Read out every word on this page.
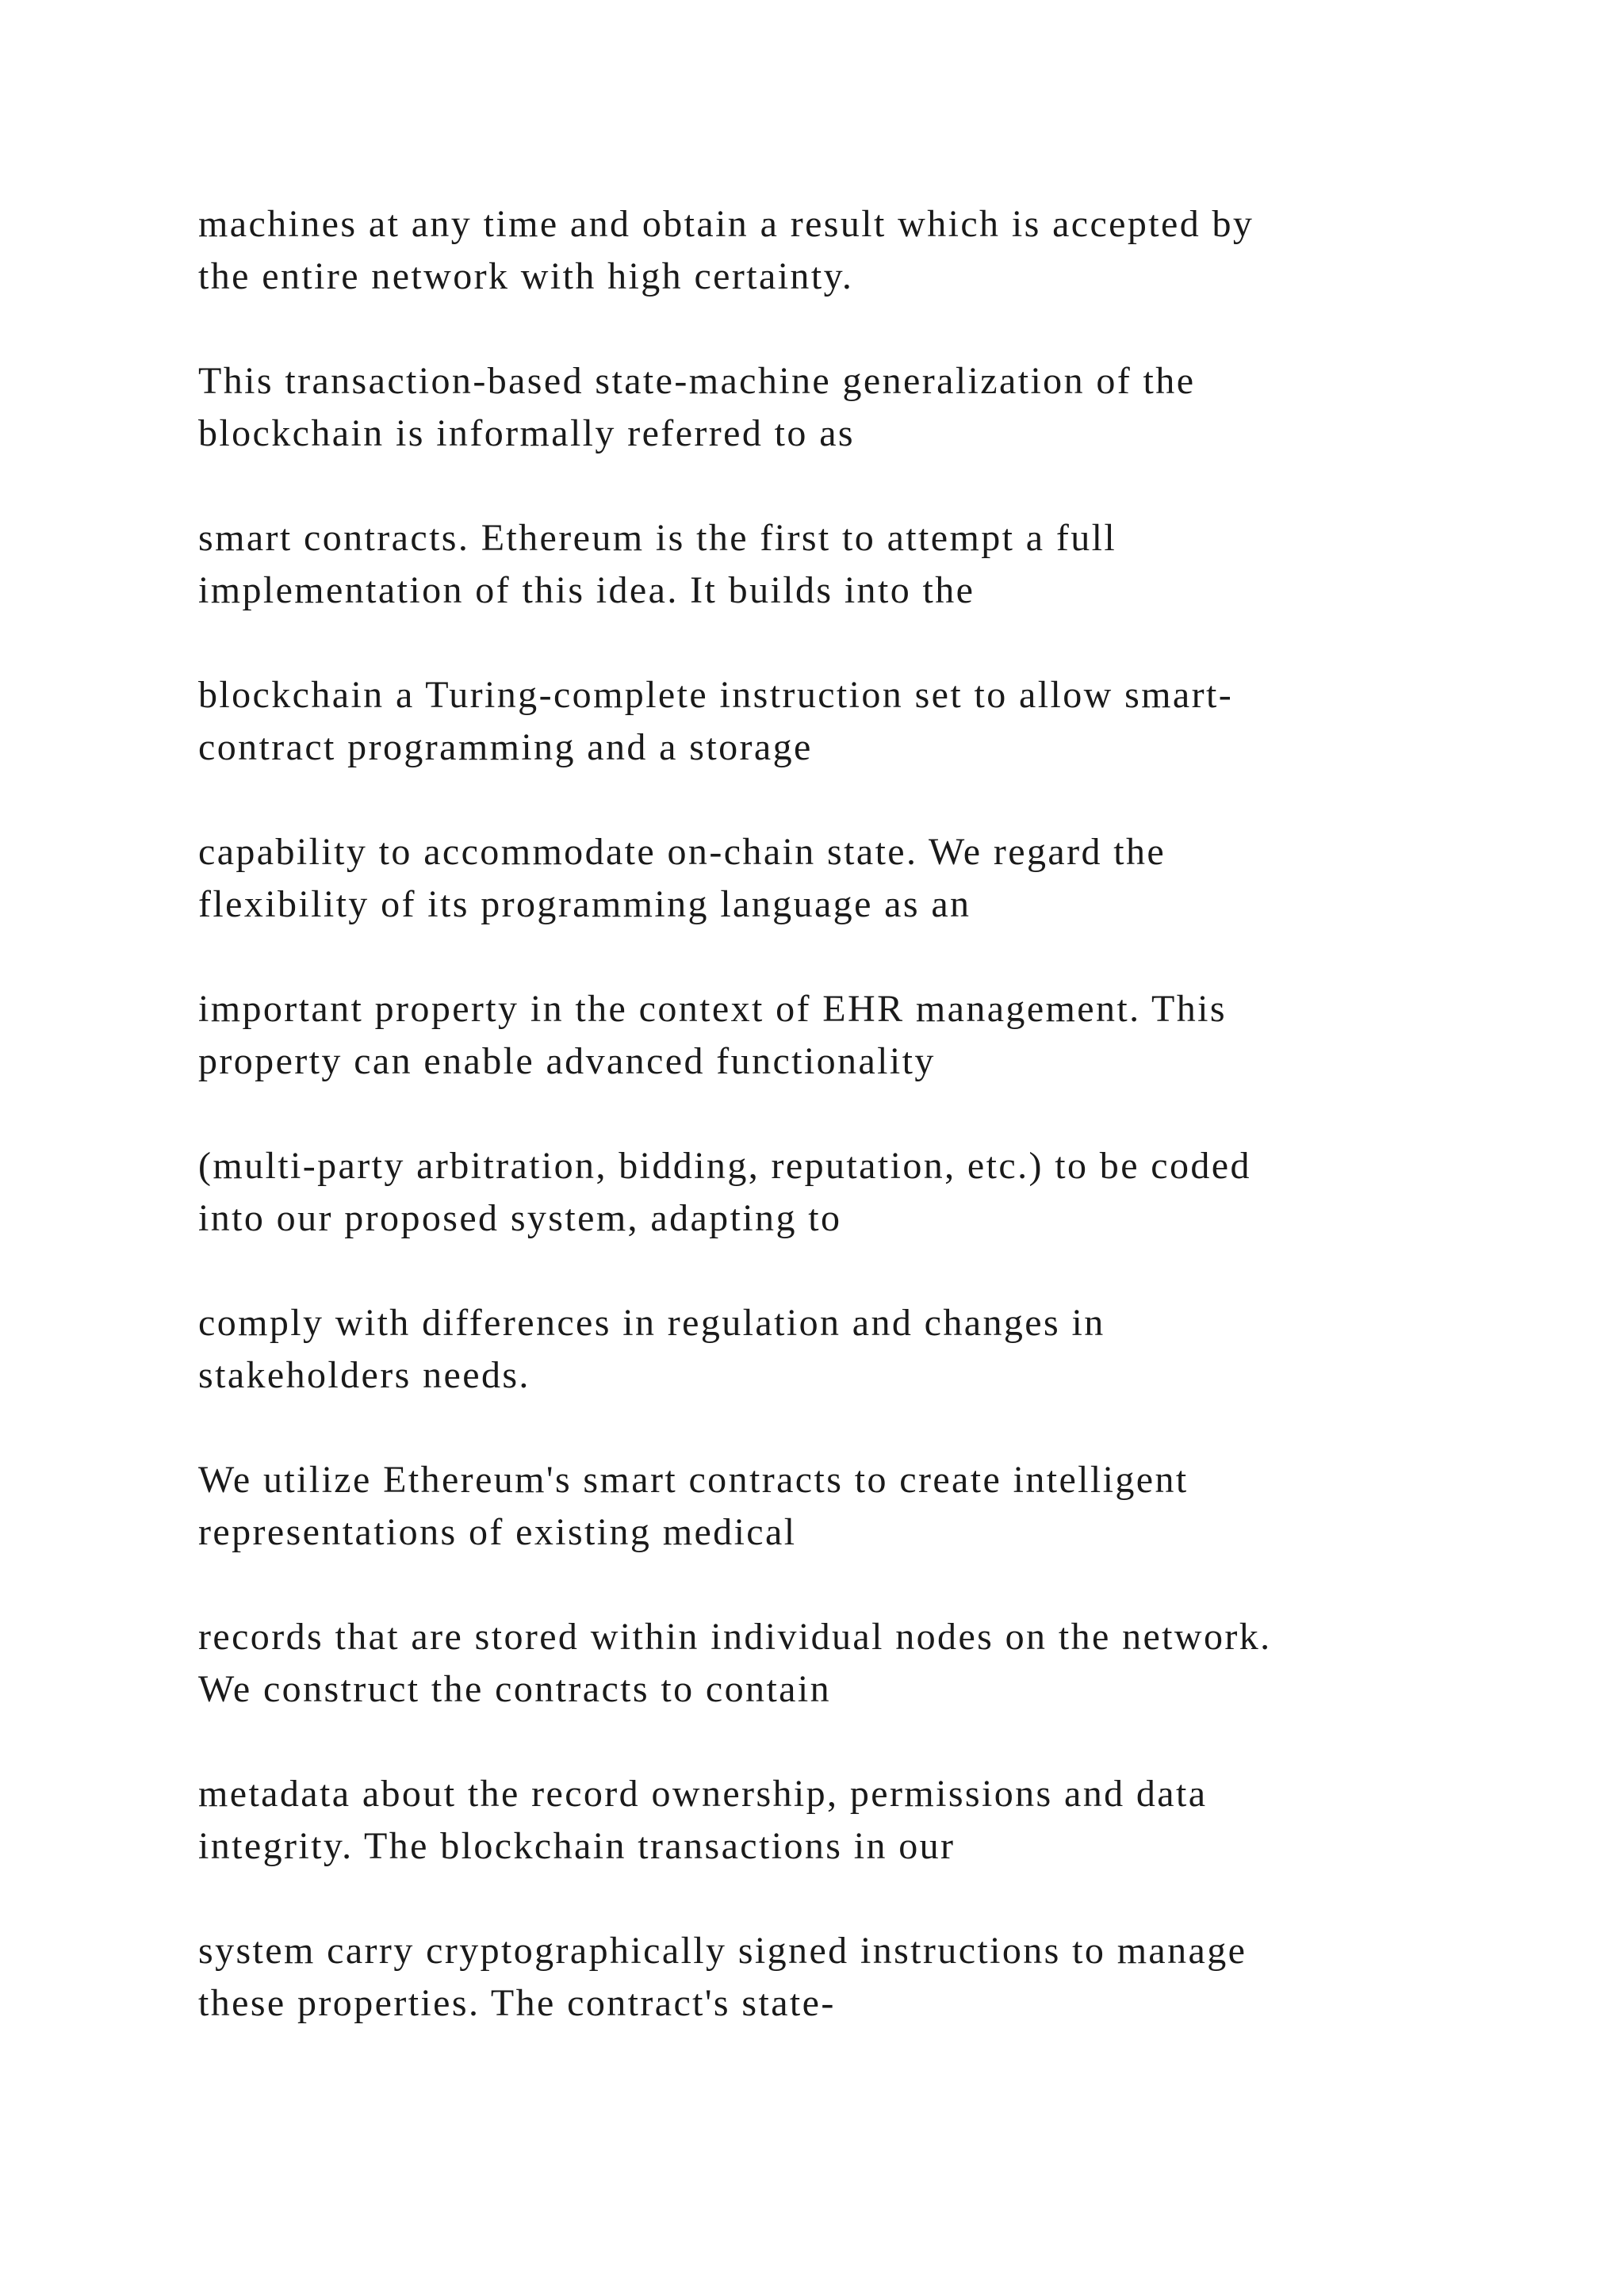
machines at any time and obtain a result which is accepted by
the entire network with high certainty.
This transaction-based state-machine generalization of the
blockchain is informally referred to as
smart contracts. Ethereum is the first to attempt a full
implementation of this idea. It builds into the
blockchain a Turing-complete instruction set to allow smart-
contract programming and a storage
capability to accommodate on-chain state. We regard the
flexibility of its programming language as an
important property in the context of EHR management. This
property can enable advanced functionality
(multi-party arbitration, bidding, reputation, etc.) to be coded
into our proposed system, adapting to
comply with differences in regulation and changes in
stakeholders needs.
We utilize Ethereum's smart contracts to create intelligent
representations of existing medical
records that are stored within individual nodes on the network.
We construct the contracts to contain
metadata about the record ownership, permissions and data
integrity. The blockchain transactions in our
system carry cryptographically signed instructions to manage
these properties. The contract's state-
